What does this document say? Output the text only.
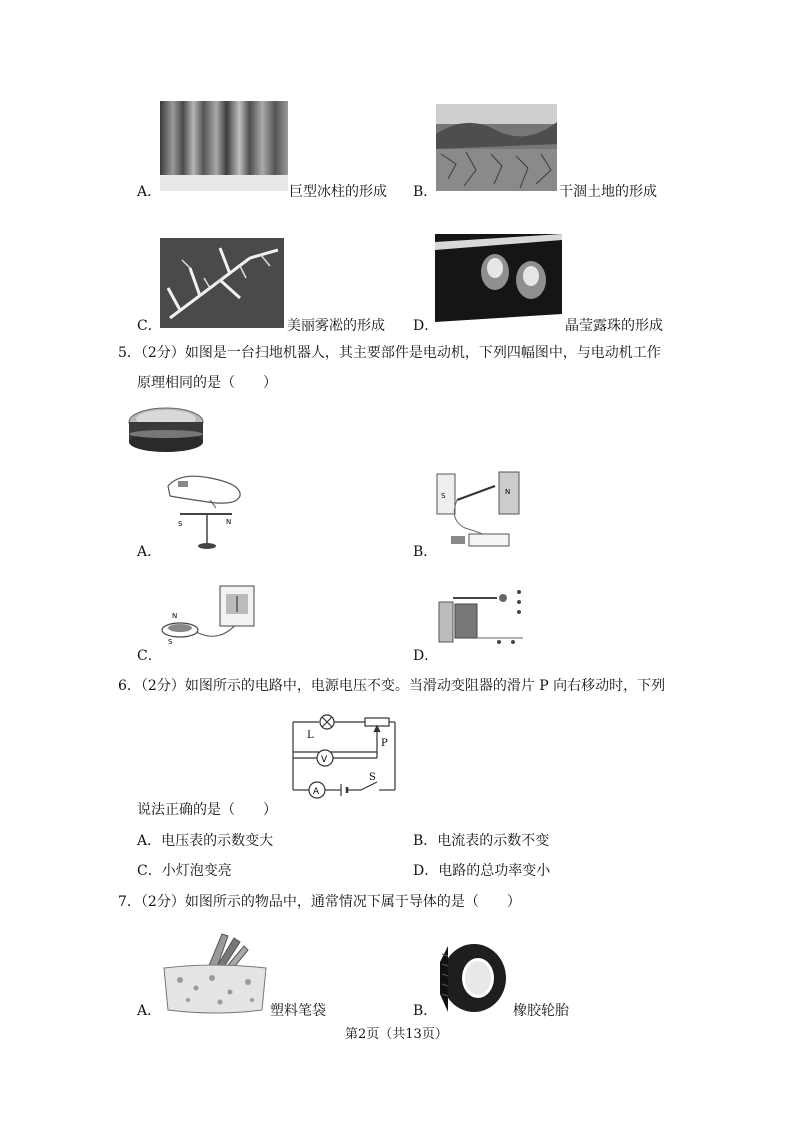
A．	巨型冰柱的形成 B．	干涸土地的形成
C．	美丽雾凇的形成 D．	晶莹露珠的形成
5．（2分）如图是一台扫地机器人，其主要部件是电动机，下列四幅图中，与电动机工作
原理相同的是（　　）
S	N
A．
S	N
B．
N
S
C．	D．
6．（2分）如图所示的电路中，电源电压不变。当滑动变阻器的滑片 P 向右移动时，下列
L
V
A
S
P
说法正确的是（　　）
A．电压表的示数变大	B．电流表的示数不变
C．小灯泡变亮	D．电路的总功率变小
7．（2分）如图所示的物品中，通常情况下属于导体的是（　　）
A．	塑料笔袋	B．	橡胶轮胎
第2页（共13页）
